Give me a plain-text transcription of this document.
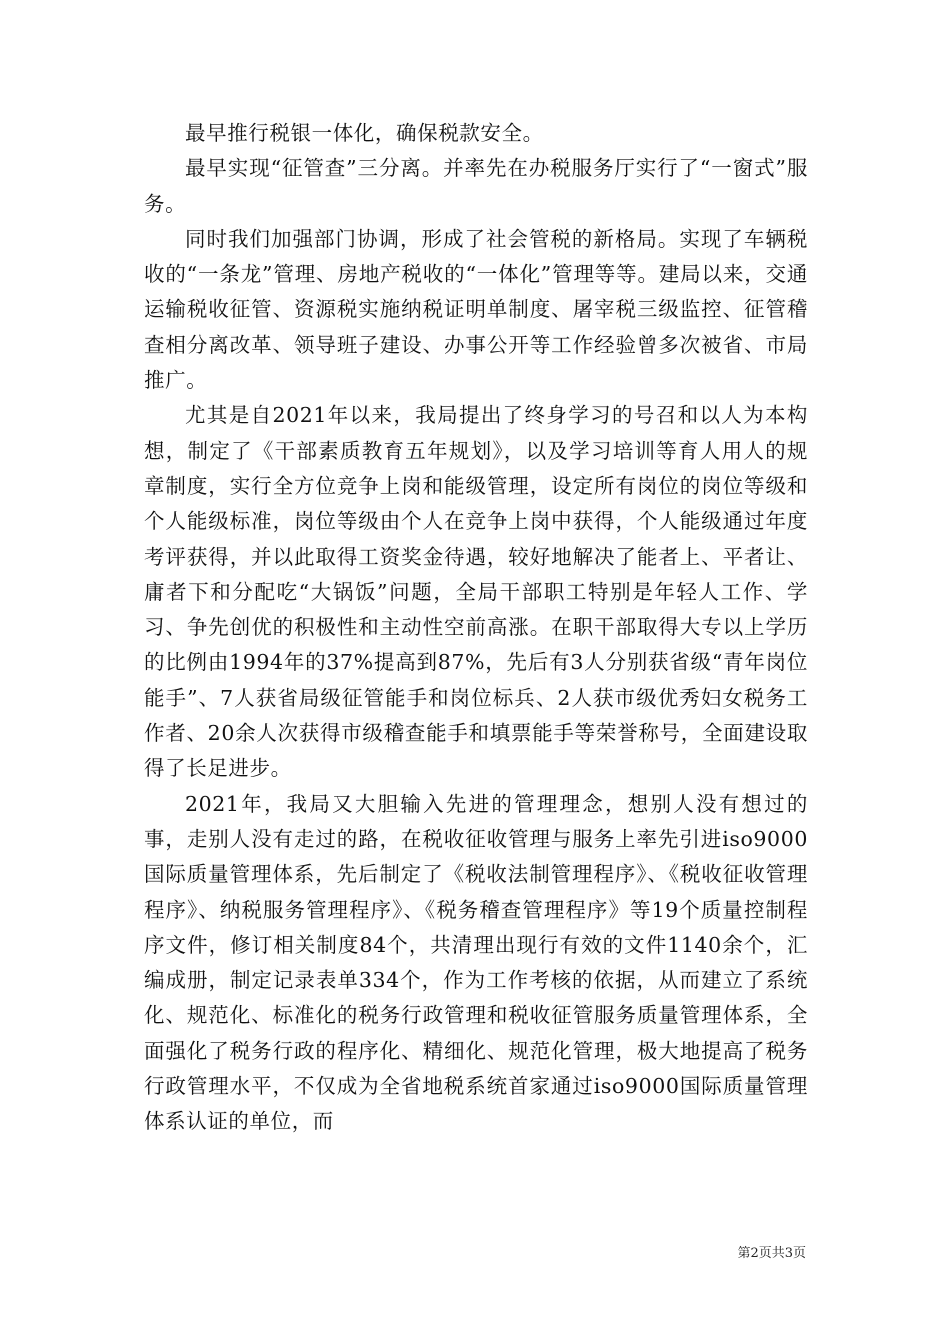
最早推行税银一体化，确保税款安全。

最早实现“征管查”三分离。并率先在办税服务厅实行了“一窗式”服务。

同时我们加强部门协调，形成了社会管税的新格局。实现了车辆税收的“一条龙”管理、房地产税收的“一体化”管理等等。建局以来，交通运输税收征管、资源税实施纳税证明单制度、屠宰税三级监控、征管稽查相分离改革、领导班子建设、办事公开等工作经验曾多次被省、市局推广。

尤其是自2021年以来，我局提出了终身学习的号召和以人为本构想，制定了《干部素质教育五年规划》，以及学习培训等育人用人的规章制度，实行全方位竞争上岗和能级管理，设定所有岗位的岗位等级和个人能级标准，岗位等级由个人在竞争上岗中获得，个人能级通过年度考评获得，并以此取得工资奖金待遇，较好地解决了能者上、平者让、庸者下和分配吃“大锅饭”问题，全局干部职工特别是年轻人工作、学习、争先创优的积极性和主动性空前高涨。在职干部取得大专以上学历的比例由1994年的37%提高到87%，先后有3人分别获省级“青年岗位能手”、7人获省局级征管能手和岗位标兵、2人获市级优秀妇女税务工作者、20余人次获得市级稽查能手和填票能手等荣誉称号，全面建设取得了长足进步。

2021年，我局又大胆输入先进的管理理念，想别人没有想过的事，走别人没有走过的路，在税收征收管理与服务上率先引进iso9000国际质量管理体系，先后制定了《税收法制管理程序》、《税收征收管理程序》、纳税服务管理程序》、《税务稽查管理程序》等19个质量控制程序文件，修订相关制度84个，共清理出现行有效的文件1140余个，汇编成册，制定记录表单334个，作为工作考核的依据，从而建立了系统化、规范化、标准化的税务行政管理和税收征管服务质量管理体系，全面强化了税务行政的程序化、精细化、规范化管理，极大地提高了税务行政管理水平，不仅成为全省地税系统首家通过iso9000国际质量管理体系认证的单位，而

第2页共3页
